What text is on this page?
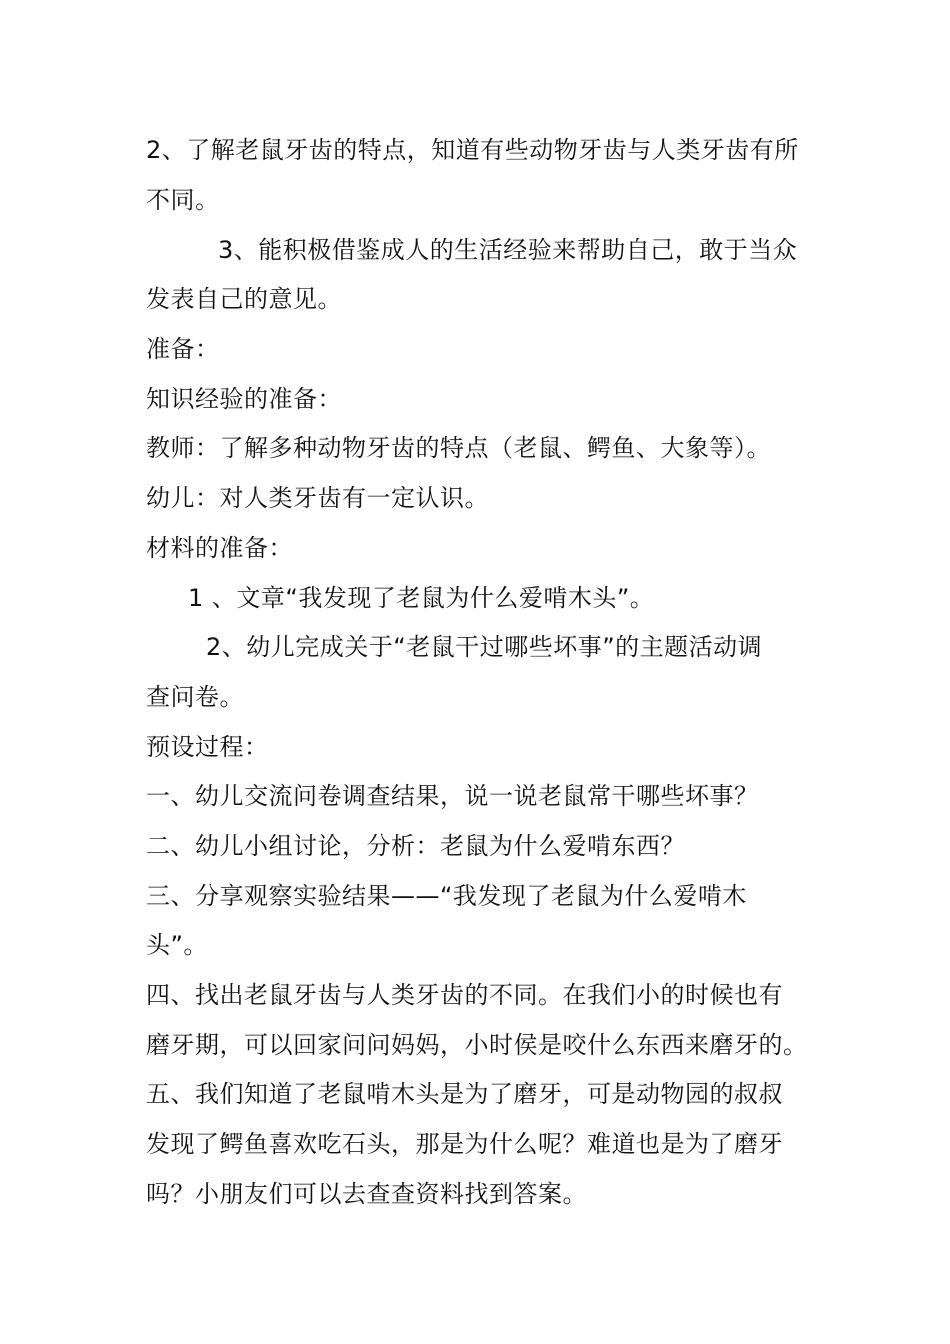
2、了解老鼠牙齿的特点，知道有些动物牙齿与人类牙齿有所
不同。
3、能积极借鉴成人的生活经验来帮助自己，敢于当众
发表自己的意见。
准备：
知识经验的准备：
教师：了解多种动物牙齿的特点（老鼠、鳄鱼、大象等）。
幼儿：对人类牙齿有一定认识。
材料的准备：
1 、文章“我发现了老鼠为什么爱啃木头”。
2、幼儿完成关于“老鼠干过哪些坏事”的主题活动调
查问卷。
预设过程：
一、幼儿交流问卷调查结果，说一说老鼠常干哪些坏事？
二、幼儿小组讨论，分析：老鼠为什么爱啃东西？
三、分享观察实验结果——“我发现了老鼠为什么爱啃木
头”。
四、找出老鼠牙齿与人类牙齿的不同。在我们小的时候也有
磨牙期，可以回家问问妈妈，小时侯是咬什么东西来磨牙的。
五、我们知道了老鼠啃木头是为了磨牙，可是动物园的叔叔
发现了鳄鱼喜欢吃石头，那是为什么呢？难道也是为了磨牙
吗？小朋友们可以去查查资料找到答案。
